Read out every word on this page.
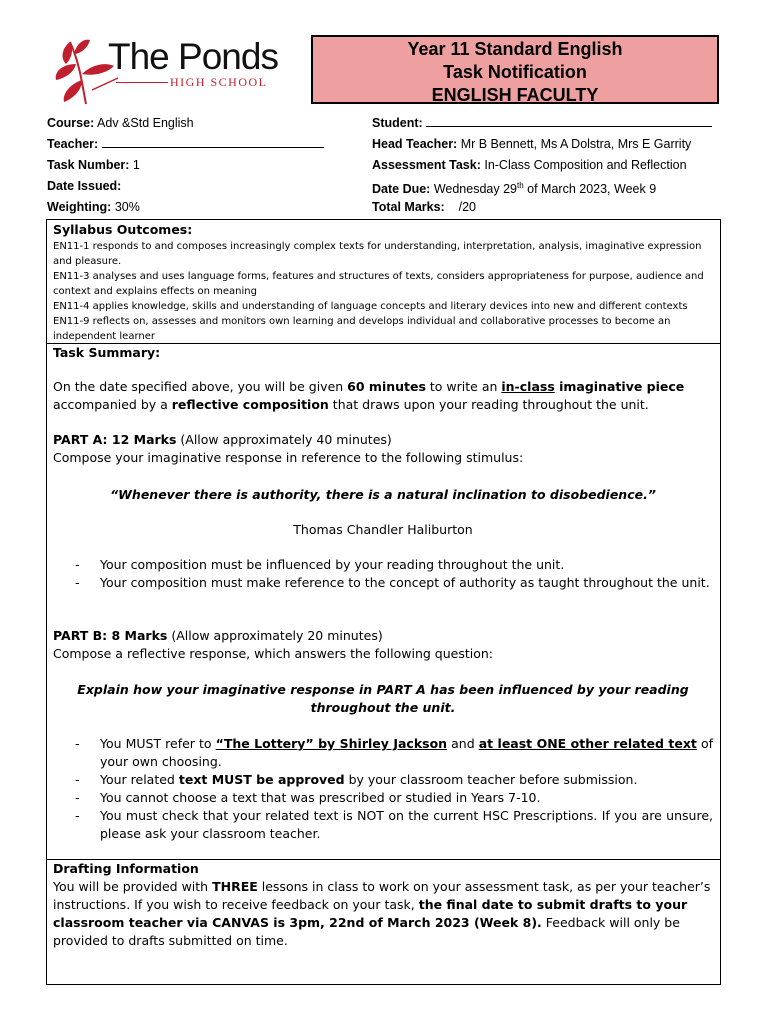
The Ponds
HIGH SCHOOL
Year 11 Standard English
Task Notification
ENGLISH FACULTY
Course: Adv &Std English
Teacher:
Task Number: 1
Date Issued:
Weighting: 30%
Student:
Head Teacher: Mr B Bennett, Ms A Dolstra, Mrs E Garrity
Assessment Task: In-Class Composition and Reflection
Date Due: Wednesday 29th of March 2023, Week 9
Total Marks: /20
Syllabus Outcomes:
EN11-1 responds to and composes increasingly complex texts for understanding, interpretation, analysis, imaginative expression and pleasure.
EN11-3 analyses and uses language forms, features and structures of texts, considers appropriateness for purpose, audience and context and explains effects on meaning
EN11-4 applies knowledge, skills and understanding of language concepts and literary devices into new and different contexts
EN11-9 reflects on, assesses and monitors own learning and develops individual and collaborative processes to become an independent learner
Task Summary:
On the date specified above, you will be given 60 minutes to write an in-class imaginative piece
accompanied by a reflective composition that draws upon your reading throughout the unit.
PART A: 12 Marks (Allow approximately 40 minutes)
Compose your imaginative response in reference to the following stimulus:
“Whenever there is authority, there is a natural inclination to disobedience.”
Thomas Chandler Haliburton
- Your composition must be influenced by your reading throughout the unit.
- Your composition must make reference to the concept of authority as taught throughout the unit.
PART B: 8 Marks (Allow approximately 20 minutes)
Compose a reflective response, which answers the following question:
Explain how your imaginative response in PART A has been influenced by your reading throughout the unit.
- You MUST refer to “The Lottery” by Shirley Jackson and at least ONE other related text of your own choosing.
- Your related text MUST be approved by your classroom teacher before submission.
- You cannot choose a text that was prescribed or studied in Years 7-10.
- You must check that your related text is NOT on the current HSC Prescriptions. If you are unsure, please ask your classroom teacher.
Drafting Information
You will be provided with THREE lessons in class to work on your assessment task, as per your teacher’s instructions. If you wish to receive feedback on your task, the final date to submit drafts to your classroom teacher via CANVAS is 3pm, 22nd of March 2023 (Week 8). Feedback will only be provided to drafts submitted on time.
